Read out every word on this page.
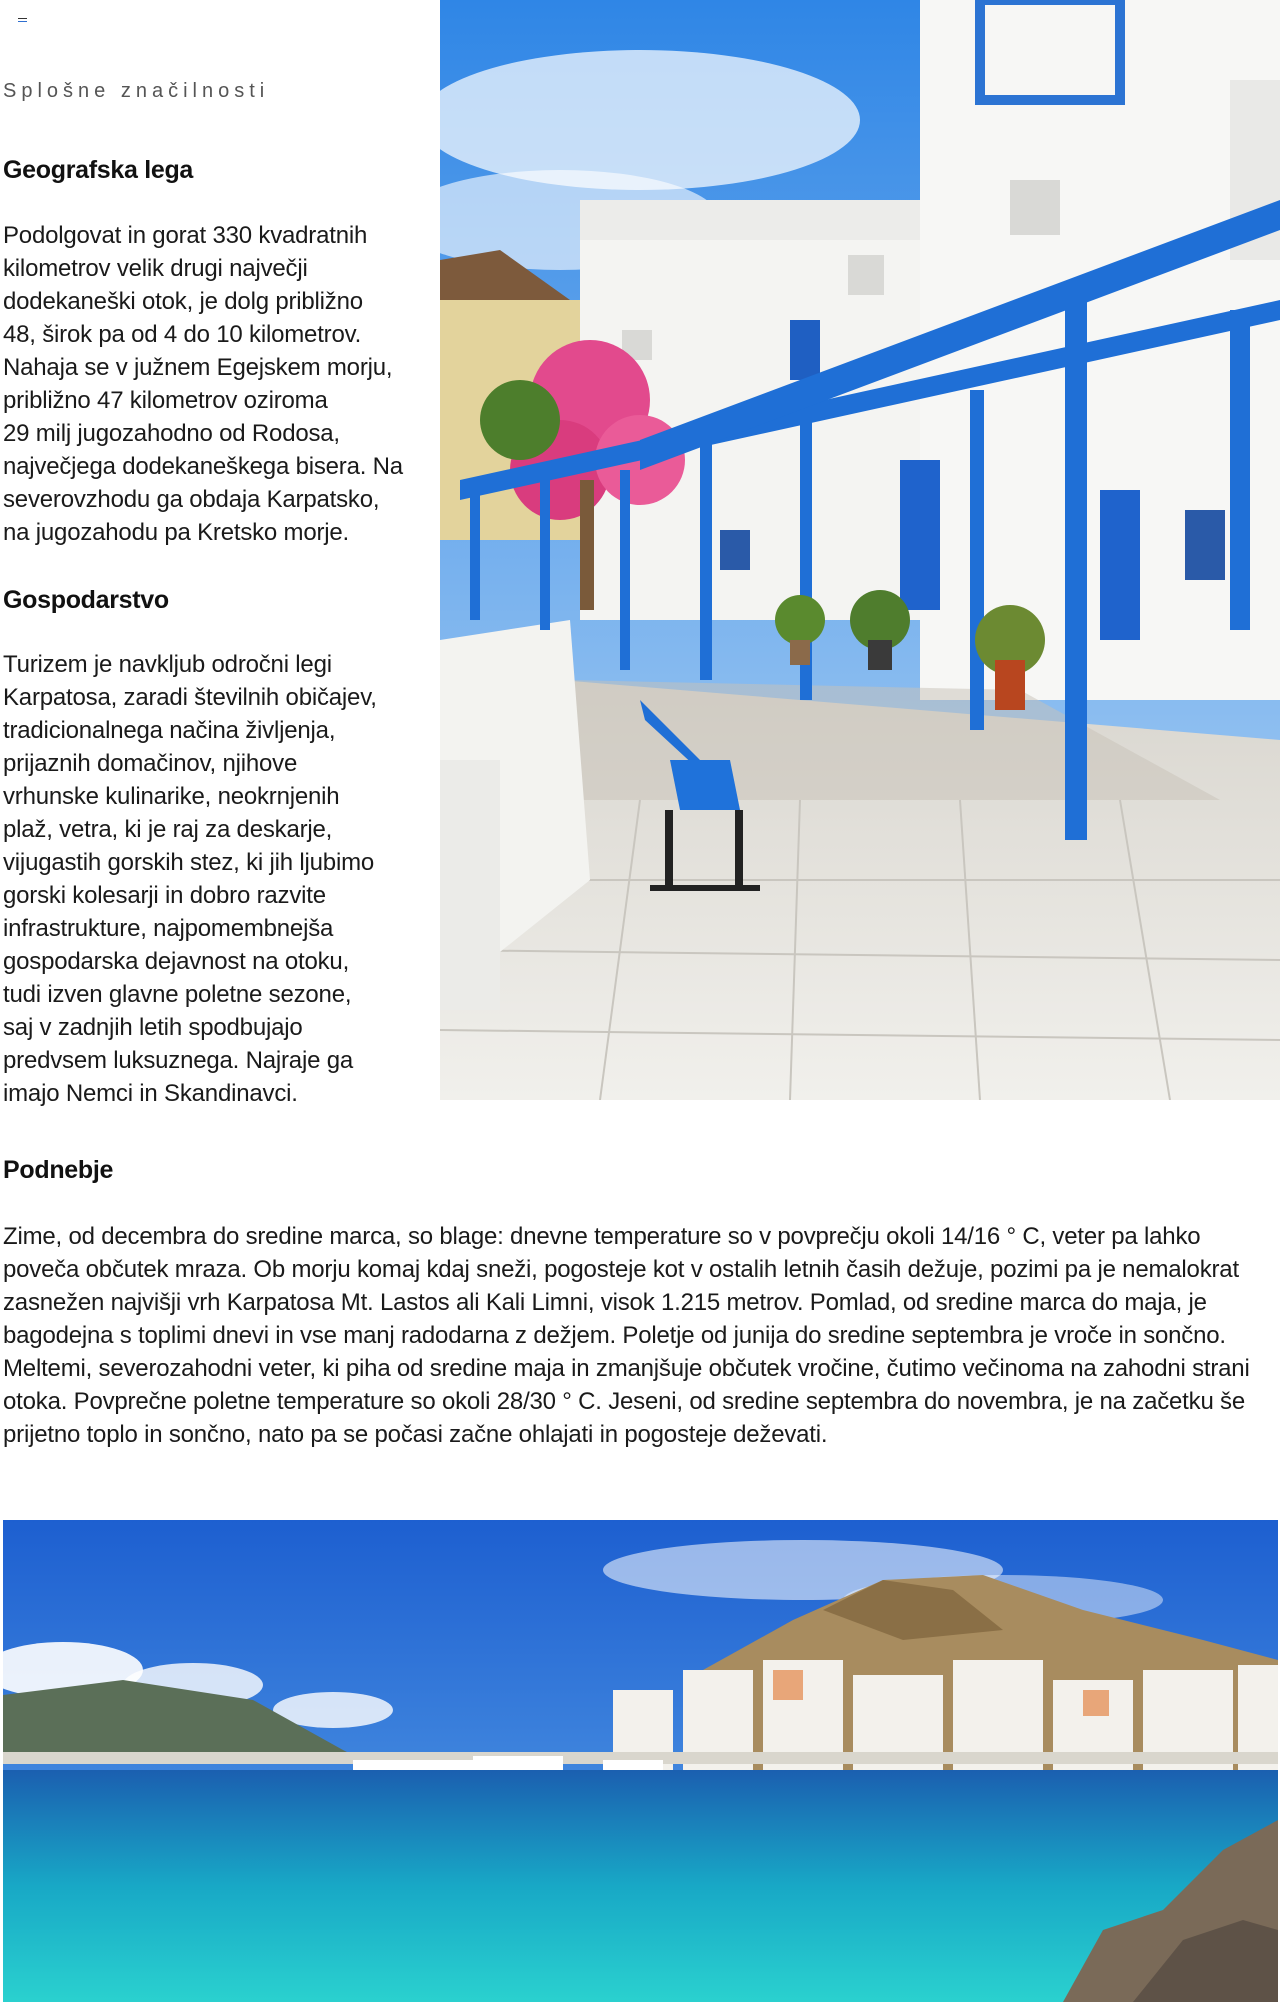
Splošne značilnosti
Geografska lega

Podolgovat in gorat 330 kvadratnih
kilometrov velik drugi največji
dodekaneški otok, je dolg približno
48, širok pa od 4 do 10 kilometrov.
Nahaja se v južnem Egejskem morju,
približno 47 kilometrov oziroma
29 milj jugozahodno od Rodosa,
največjega dodekaneškega bisera. Na
severovzhodu ga obdaja Karpatsko,
na jugozahodu pa Kretsko morje.

Gospodarstvo

Turizem je navkljub odročni legi
Karpatosa, zaradi številnih običajev,
tradicionalnega načina življenja,
prijaznih domačinov, njihove
vrhunske kulinarike, neokrnjenih
plaž, vetra, ki je raj za deskarje,
vijugastih gorskih stez, ki jih ljubimo
gorski kolesarji in dobro razvite
infrastrukture, najpomembnejša
gospodarska dejavnost na otoku,
tudi izven glavne poletne sezone,
saj v zadnjih letih spodbujajo
predvsem luksuznega. Najraje ga
imajo Nemci in Skandinavci.

Podnebje

Zime, od decembra do sredine marca, so blage: dnevne temperature so v povprečju okoli 14/16 ° C, veter pa lahko poveča občutek mraza. Ob morju komaj kdaj sneži, pogosteje kot v ostalih letnih časih dežuje, pozimi pa je nemalokrat zasnežen najvišji vrh Karpatosa Mt. Lastos ali Kali Limni, visok 1.215 metrov. Pomlad, od sredine marca do maja, je bagodejna s toplimi dnevi in vse manj radodarna z dežjem. Poletje od junija do sredine septembra je vroče in sončno. Meltemi, severozahodni veter, ki piha od sredine maja in zmanjšuje občutek vročine, čutimo večinoma na zahodni strani otoka. Povprečne poletne temperature so okoli 28/30 ° C. Jeseni, od sredine septembra do novembra, je na začetku še prijetno toplo in sončno, nato pa se počasi začne ohlajati in pogosteje deževati.
